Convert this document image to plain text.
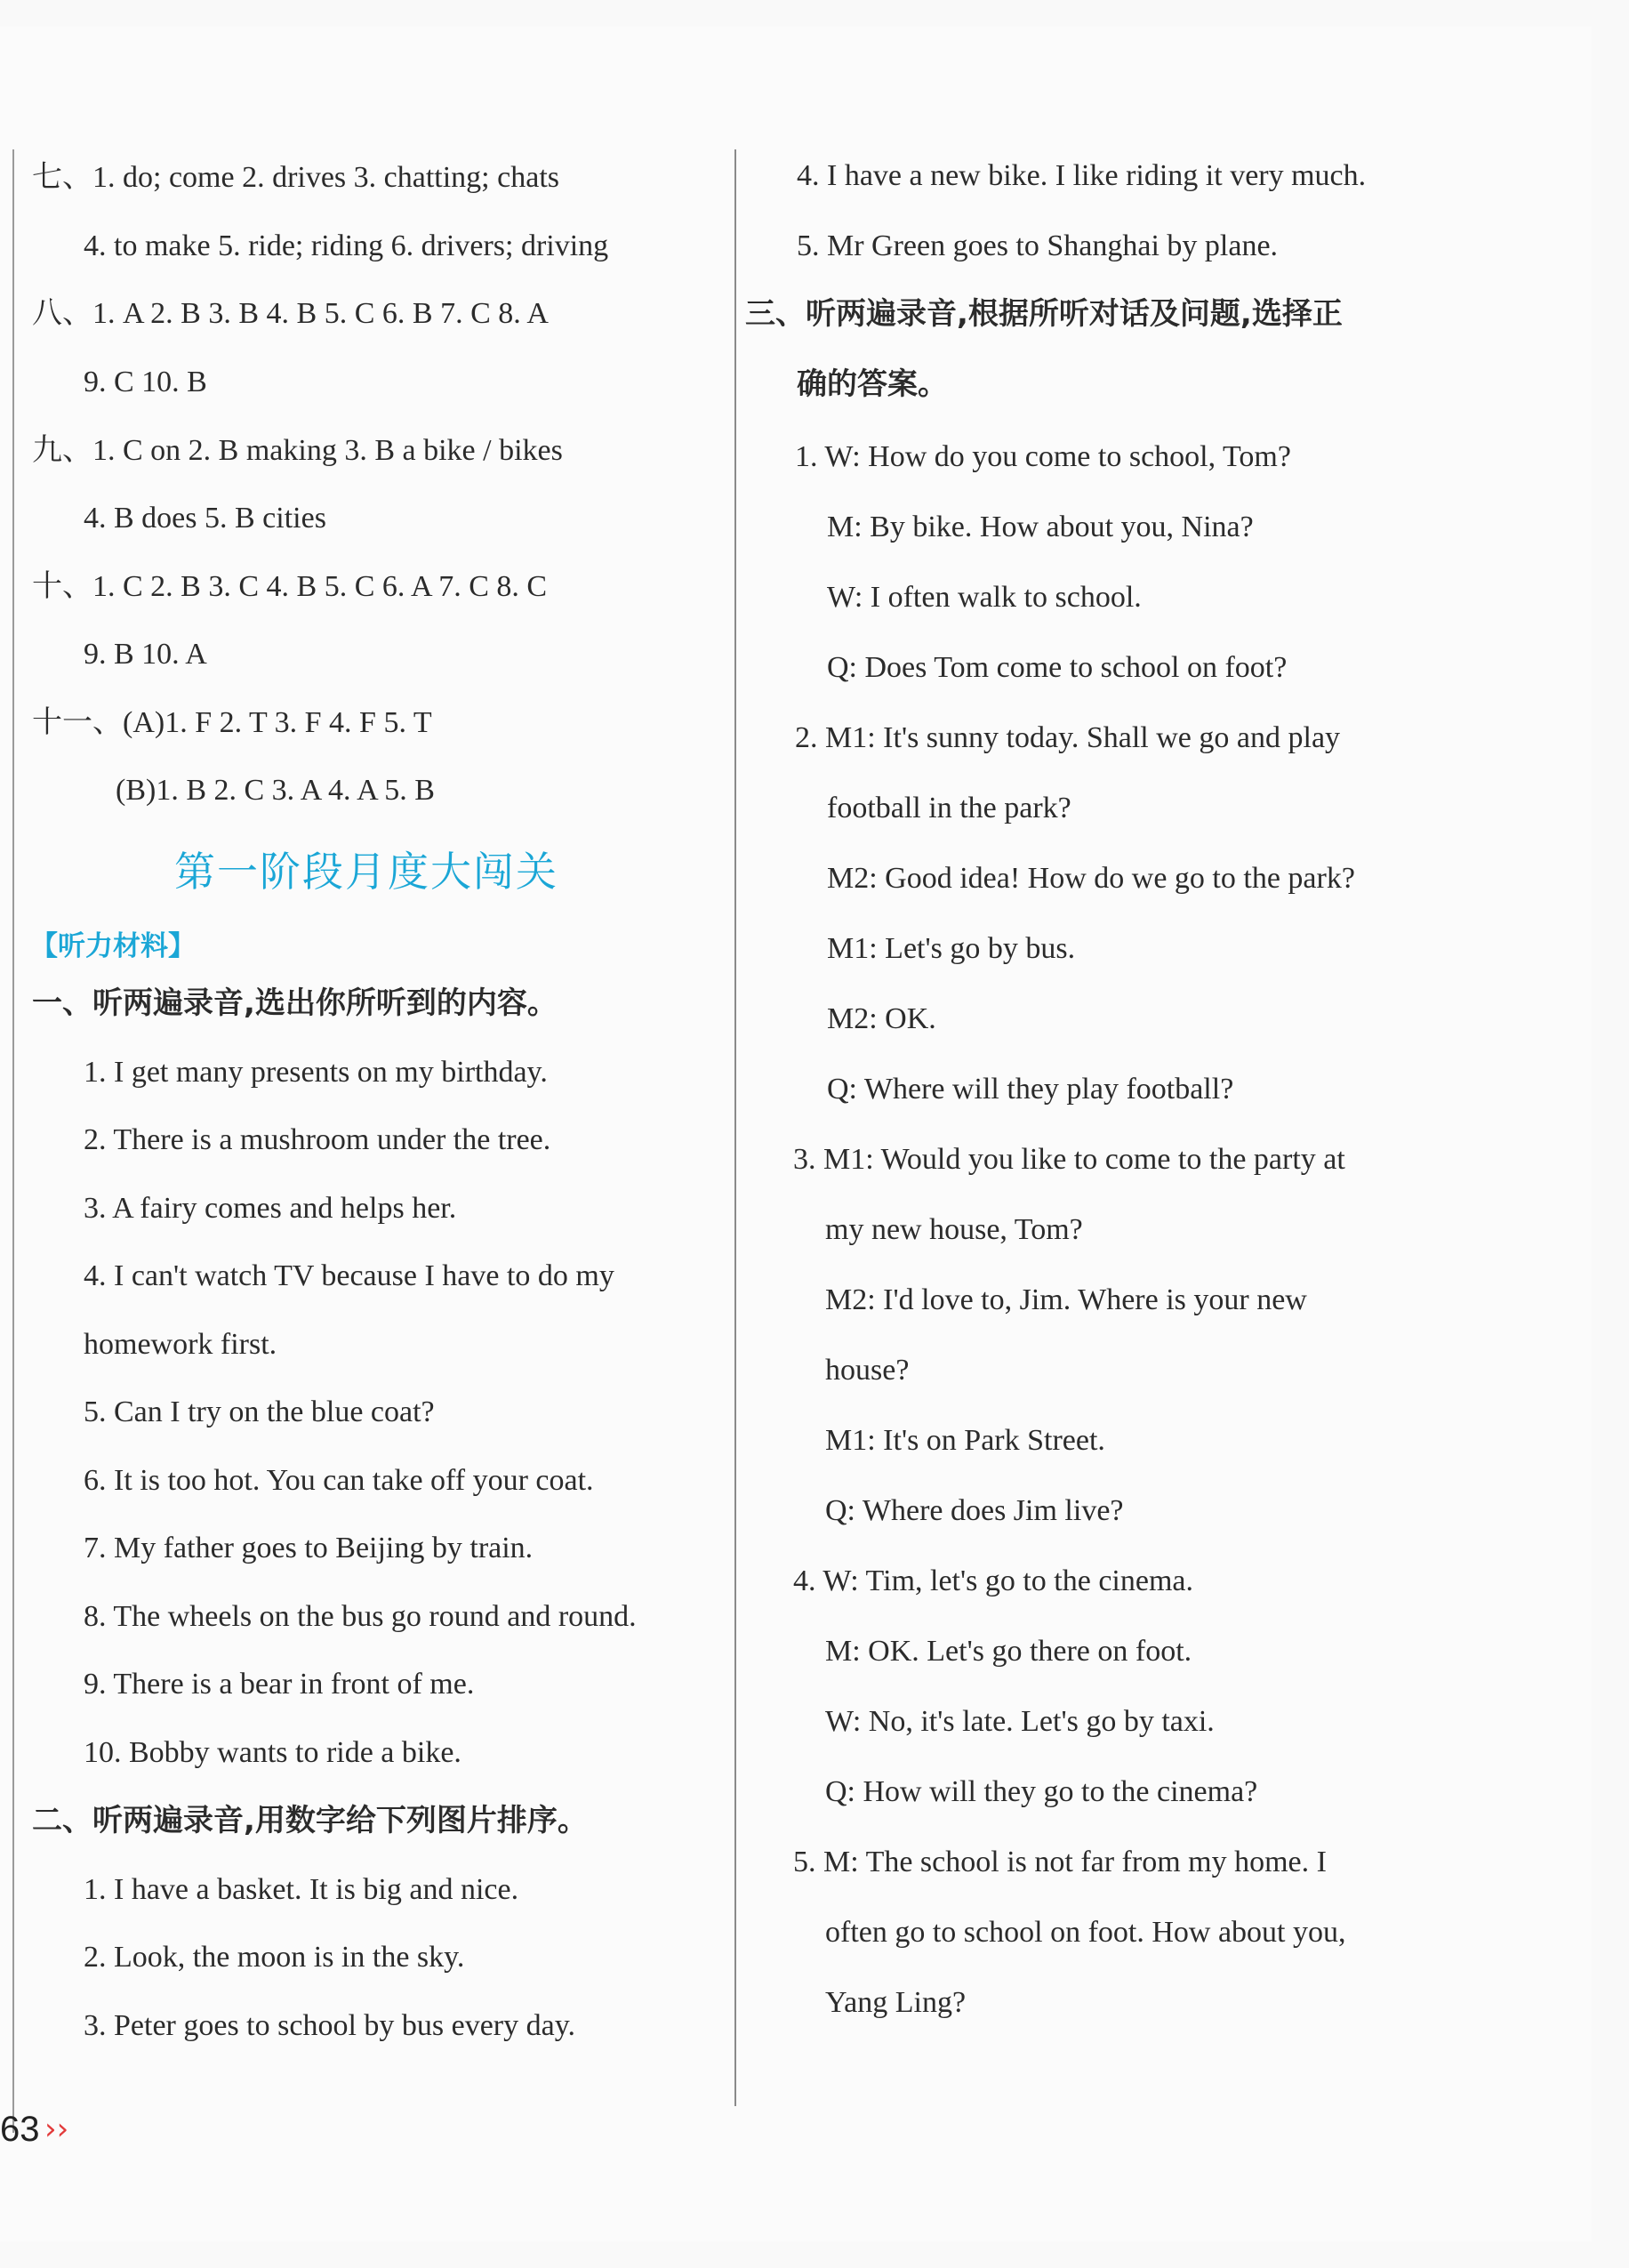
七、1. do; come 2. drives 3. chatting; chats
4. to make 5. ride; riding 6. drivers; driving
八、1. A 2. B 3. B 4. B 5. C 6. B 7. C 8. A
9. C 10. B
九、1. C on 2. B making 3. B a bike / bikes
4. B does 5. B cities
十、1. C 2. B 3. C 4. B 5. C 6. A 7. C 8. C
9. B 10. A
十一、(A)1. F 2. T 3. F 4. F 5. T
(B)1. B 2. C 3. A 4. A 5. B
第一阶段月度大闯关
【听力材料】
一、听两遍录音,选出你所听到的内容。
1. I get many presents on my birthday.
2. There is a mushroom under the tree.
3. A fairy comes and helps her.
4. I can't watch TV because I have to do my
homework first.
5. Can I try on the blue coat?
6. It is too hot. You can take off your coat.
7. My father goes to Beijing by train.
8. The wheels on the bus go round and round.
9. There is a bear in front of me.
10. Bobby wants to ride a bike.
二、听两遍录音,用数字给下列图片排序。
1. I have a basket. It is big and nice.
2. Look, the moon is in the sky.
3. Peter goes to school by bus every day.
4. I have a new bike. I like riding it very much.
5. Mr Green goes to Shanghai by plane.
三、听两遍录音,根据所听对话及问题,选择正
确的答案。
1. W: How do you come to school, Tom?
M: By bike. How about you, Nina?
W: I often walk to school.
Q: Does Tom come to school on foot?
2. M1: It's sunny today. Shall we go and play
football in the park?
M2: Good idea! How do we go to the park?
M1: Let's go by bus.
M2: OK.
Q: Where will they play football?
3. M1: Would you like to come to the party at
my new house, Tom?
M2: I'd love to, Jim. Where is your new
house?
M1: It's on Park Street.
Q: Where does Jim live?
4. W: Tim, let's go to the cinema.
M: OK. Let's go there on foot.
W: No, it's late. Let's go by taxi.
Q: How will they go to the cinema?
5. M: The school is not far from my home. I
often go to school on foot. How about you,
Yang Ling?
63 ››
